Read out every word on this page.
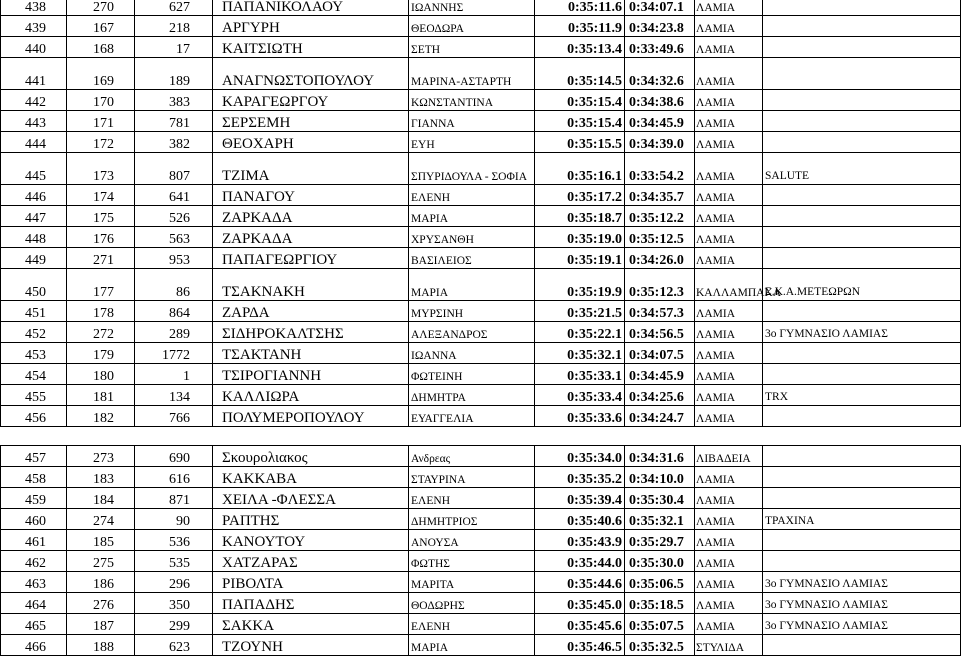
438	270	627	ΠΑΠΑΝΙΚΟΛΑΟΥ	ΙΩΑΝΝΗΣ	0:35:11.6	0:34:07.1	ΛΑΜΙΑ	
439	167	218	ΑΡΓΥΡΗ	ΘΕΟΔΩΡΑ	0:35:11.9	0:34:23.8	ΛΑΜΙΑ	
440	168	17	ΚΑΙΤΣΙΩΤΗ	ΣΕΤΗ	0:35:13.4	0:33:49.6	ΛΑΜΙΑ	
441	169	189	ΑΝΑΓΝΩΣΤΟΠΟΥΛΟΥ	ΜΑΡΙΝΑ-ΑΣΤΑΡΤΗ	0:35:14.5	0:34:32.6	ΛΑΜΙΑ	
442	170	383	ΚΑΡΑΓΕΩΡΓΟΥ	ΚΩΝΣΤΑΝΤΙΝΑ	0:35:15.4	0:34:38.6	ΛΑΜΙΑ	
443	171	781	ΣΕΡΣΕΜΗ	ΓΙΑΝΝΑ	0:35:15.4	0:34:45.9	ΛΑΜΙΑ	
444	172	382	ΘΕΟΧΑΡΗ	ΕΥΗ	0:35:15.5	0:34:39.0	ΛΑΜΙΑ	
445	173	807	ΤΖΙΜΑ	ΣΠΥΡΙΔΟΥΛΑ - ΣΟΦΙΑ	0:35:16.1	0:33:54.2	ΛΑΜΙΑ	SALUTE
446	174	641	ΠΑΝΑΓΟΥ	ΕΛΕΝΗ	0:35:17.2	0:34:35.7	ΛΑΜΙΑ	
447	175	526	ΖΑΡΚΑΔΑ	ΜΑΡΙΑ	0:35:18.7	0:35:12.2	ΛΑΜΙΑ	
448	176	563	ΖΑΡΚΑΔΑ	ΧΡΥΣΑΝΘΗ	0:35:19.0	0:35:12.5	ΛΑΜΙΑ	
449	271	953	ΠΑΠΑΓΕΩΡΓΙΟΥ	ΒΑΣΙΛΕΙΟΣ	0:35:19.1	0:34:26.0	ΛΑΜΙΑ	
450	177	86	ΤΣΑΚΝΑΚΗ	ΜΑΡΙΑ	0:35:19.9	0:35:12.3	ΚΑΛΛΑΜΠΑΚΑ	Σ.Κ.Α.ΜΕΤΕΩΡΩΝ
451	178	864	ΖΑΡΔΑ	ΜΥΡΣΙΝΗ	0:35:21.5	0:34:57.3	ΛΑΜΙΑ	
452	272	289	ΣΙΔΗΡΟΚΑΛΤΣΗΣ	ΑΛΕΞΑΝΔΡΟΣ	0:35:22.1	0:34:56.5	ΛΑΜΙΑ	3ο ΓΥΜΝΑΣΙΟ ΛΑΜΙΑΣ
453	179	1772	ΤΣΑΚΤΑΝΗ	ΙΩΑΝΝΑ	0:35:32.1	0:34:07.5	ΛΑΜΙΑ	
454	180	1	ΤΣΙΡΟΓΙΑΝΝΗ	ΦΩΤΕΙΝΗ	0:35:33.1	0:34:45.9	ΛΑΜΙΑ	
455	181	134	ΚΑΛΛΙΩΡΑ	ΔΗΜΗΤΡΑ	0:35:33.4	0:34:25.6	ΛΑΜΙΑ	TRX
456	182	766	ΠΟΛΥΜΕΡΟΠΟΥΛΟΥ	ΕΥΑΓΓΕΛΙΑ	0:35:33.6	0:34:24.7	ΛΑΜΙΑ	

457	273	690	Σκουρολιακος	Ανδρεας	0:35:34.0	0:34:31.6	ΛΙΒΑΔΕΙΑ	
458	183	616	ΚΑΚΚΑΒΑ	ΣΤΑΥΡΙΝΑ	0:35:35.2	0:34:10.0	ΛΑΜΙΑ	
459	184	871	ΧΕΙΛΑ -ΦΛΕΣΣΑ	ΕΛΕΝΗ	0:35:39.4	0:35:30.4	ΛΑΜΙΑ	
460	274	90	ΡΑΠΤΗΣ	ΔΗΜΗΤΡΙΟΣ	0:35:40.6	0:35:32.1	ΛΑΜΙΑ	ΤΡΑΧΙΝΑ
461	185	536	ΚΑΝΟΥΤΟΥ	ΑΝΟΥΣΑ	0:35:43.9	0:35:29.7	ΛΑΜΙΑ	
462	275	535	ΧΑΤΖΑΡΑΣ	ΦΩΤΗΣ	0:35:44.0	0:35:30.0	ΛΑΜΙΑ	
463	186	296	ΡΙΒΟΛΤΑ	ΜΑΡΙΤΑ	0:35:44.6	0:35:06.5	ΛΑΜΙΑ	3ο ΓΥΜΝΑΣΙΟ ΛΑΜΙΑΣ
464	276	350	ΠΑΠΑΔΗΣ	ΘΟΔΩΡΗΣ	0:35:45.0	0:35:18.5	ΛΑΜΙΑ	3ο ΓΥΜΝΑΣΙΟ ΛΑΜΙΑΣ
465	187	299	ΣΑΚΚΑ	ΕΛΕΝΗ	0:35:45.6	0:35:07.5	ΛΑΜΙΑ	3ο ΓΥΜΝΑΣΙΟ ΛΑΜΙΑΣ
466	188	623	ΤΖΟΥΝΗ	ΜΑΡΙΑ	0:35:46.5	0:35:32.5	ΣΤΥΛΙΔΑ	
